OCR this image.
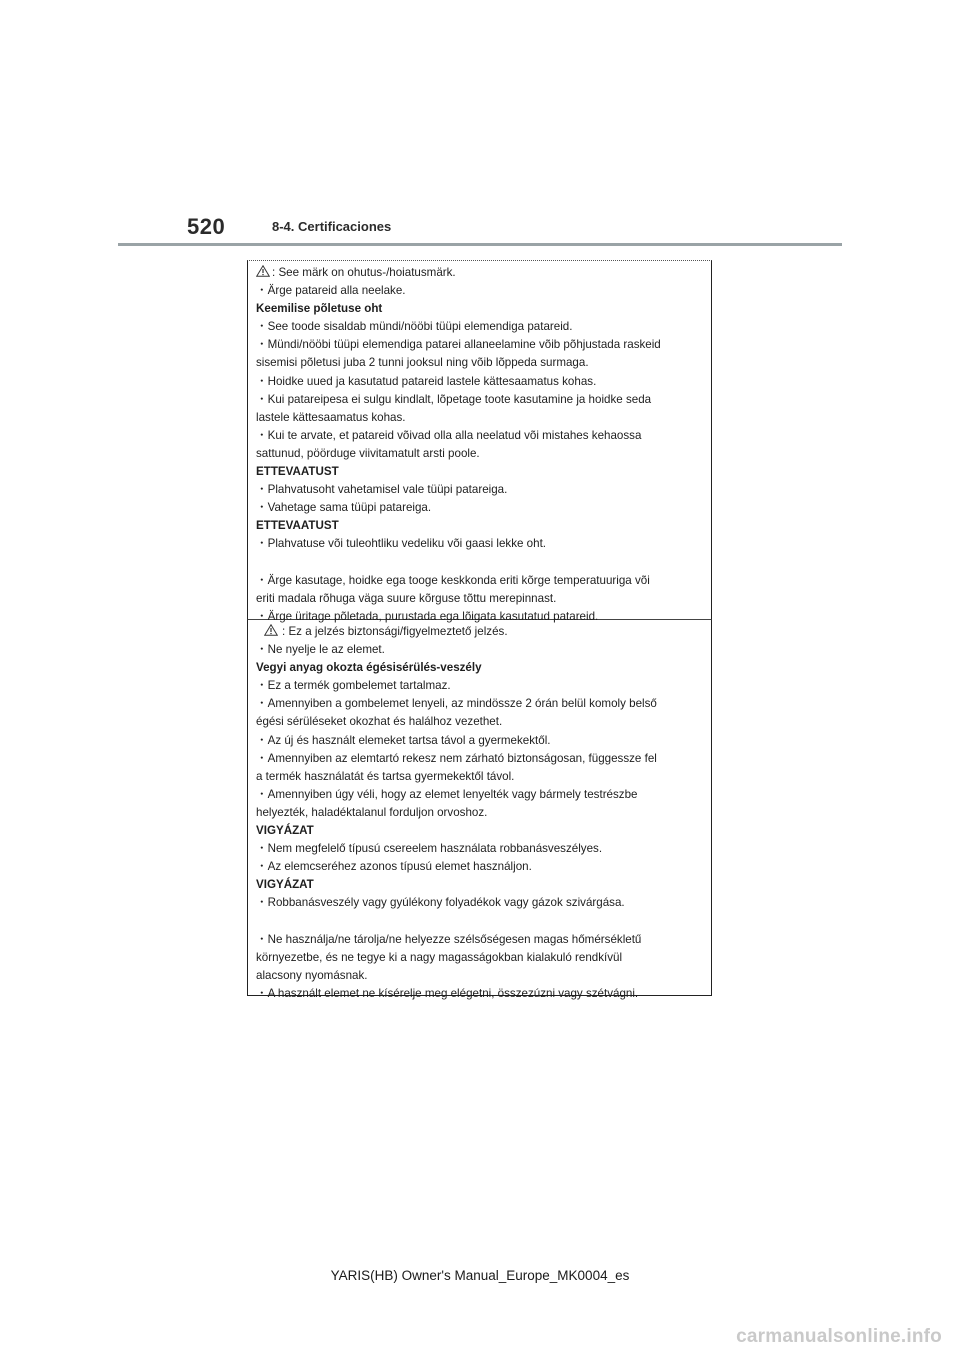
520	8-4. Certificaciones
: See märk on ohutus-/hoiatusmärk.
・Ärge patareid alla neelake.
Keemilise põletuse oht
・See toode sisaldab mündi/nööbi tüüpi elemendiga patareid.
・Mündi/nööbi tüüpi elemendiga patarei allaneelamine võib põhjustada raskeid
sisemisi põletusi juba 2 tunni jooksul ning võib lõppeda surmaga.
・Hoidke uued ja kasutatud patareid lastele kättesaamatus kohas.
・Kui patareipesa ei sulgu kindlalt, lõpetage toote kasutamine ja hoidke seda
lastele kättesaamatus kohas.
・Kui te arvate, et patareid võivad olla alla neelatud või mistahes kehaossa
sattunud, pöörduge viivitamatult arsti poole.
ETTEVAATUST
・Plahvatusoht vahetamisel vale tüüpi patareiga.
・Vahetage sama tüüpi patareiga.
ETTEVAATUST
・Plahvatuse või tuleohtliku vedeliku või gaasi lekke oht.
・Ärge kasutage, hoidke ega tooge keskkonda eriti kõrge temperatuuriga või
eriti madala rõhuga väga suure kõrguse tõttu merepinnast.
・Ärge üritage põletada, purustada ega lõigata kasutatud patareid.
: Ez a jelzés biztonsági/figyelmeztető jelzés.
・Ne nyelje le az elemet.
Vegyi anyag okozta égésisérülés-veszély
・Ez a termék gombelemet tartalmaz.
・Amennyiben a gombelemet lenyeli, az mindössze 2 órán belül komoly belső
égési sérüléseket okozhat és halálhoz vezethet.
・Az új és használt elemeket tartsa távol a gyermekektől.
・Amennyiben az elemtartó rekesz nem zárható biztonságosan, függessze fel
a termék használatát és tartsa gyermekektől távol.
・Amennyiben úgy véli, hogy az elemet lenyelték vagy bármely testrészbe
helyezték, haladéktalanul forduljon orvoshoz.
VIGYÁZAT
・Nem megfelelő típusú csereelem használata robbanásveszélyes.
・Az elemcseréhez azonos típusú elemet használjon.
VIGYÁZAT
・Robbanásveszély vagy gyúlékony folyadékok vagy gázok szivárgása.
・Ne használja/ne tárolja/ne helyezze szélsőségesen magas hőmérsékletű
környezetbe, és ne tegye ki a nagy magasságokban kialakuló rendkívül
alacsony nyomásnak.
・A használt elemet ne kísérelje meg elégetni, összezúzni vagy szétvágni.
YARIS(HB) Owner's Manual_Europe_MK0004_es
carmanualsonline.info
